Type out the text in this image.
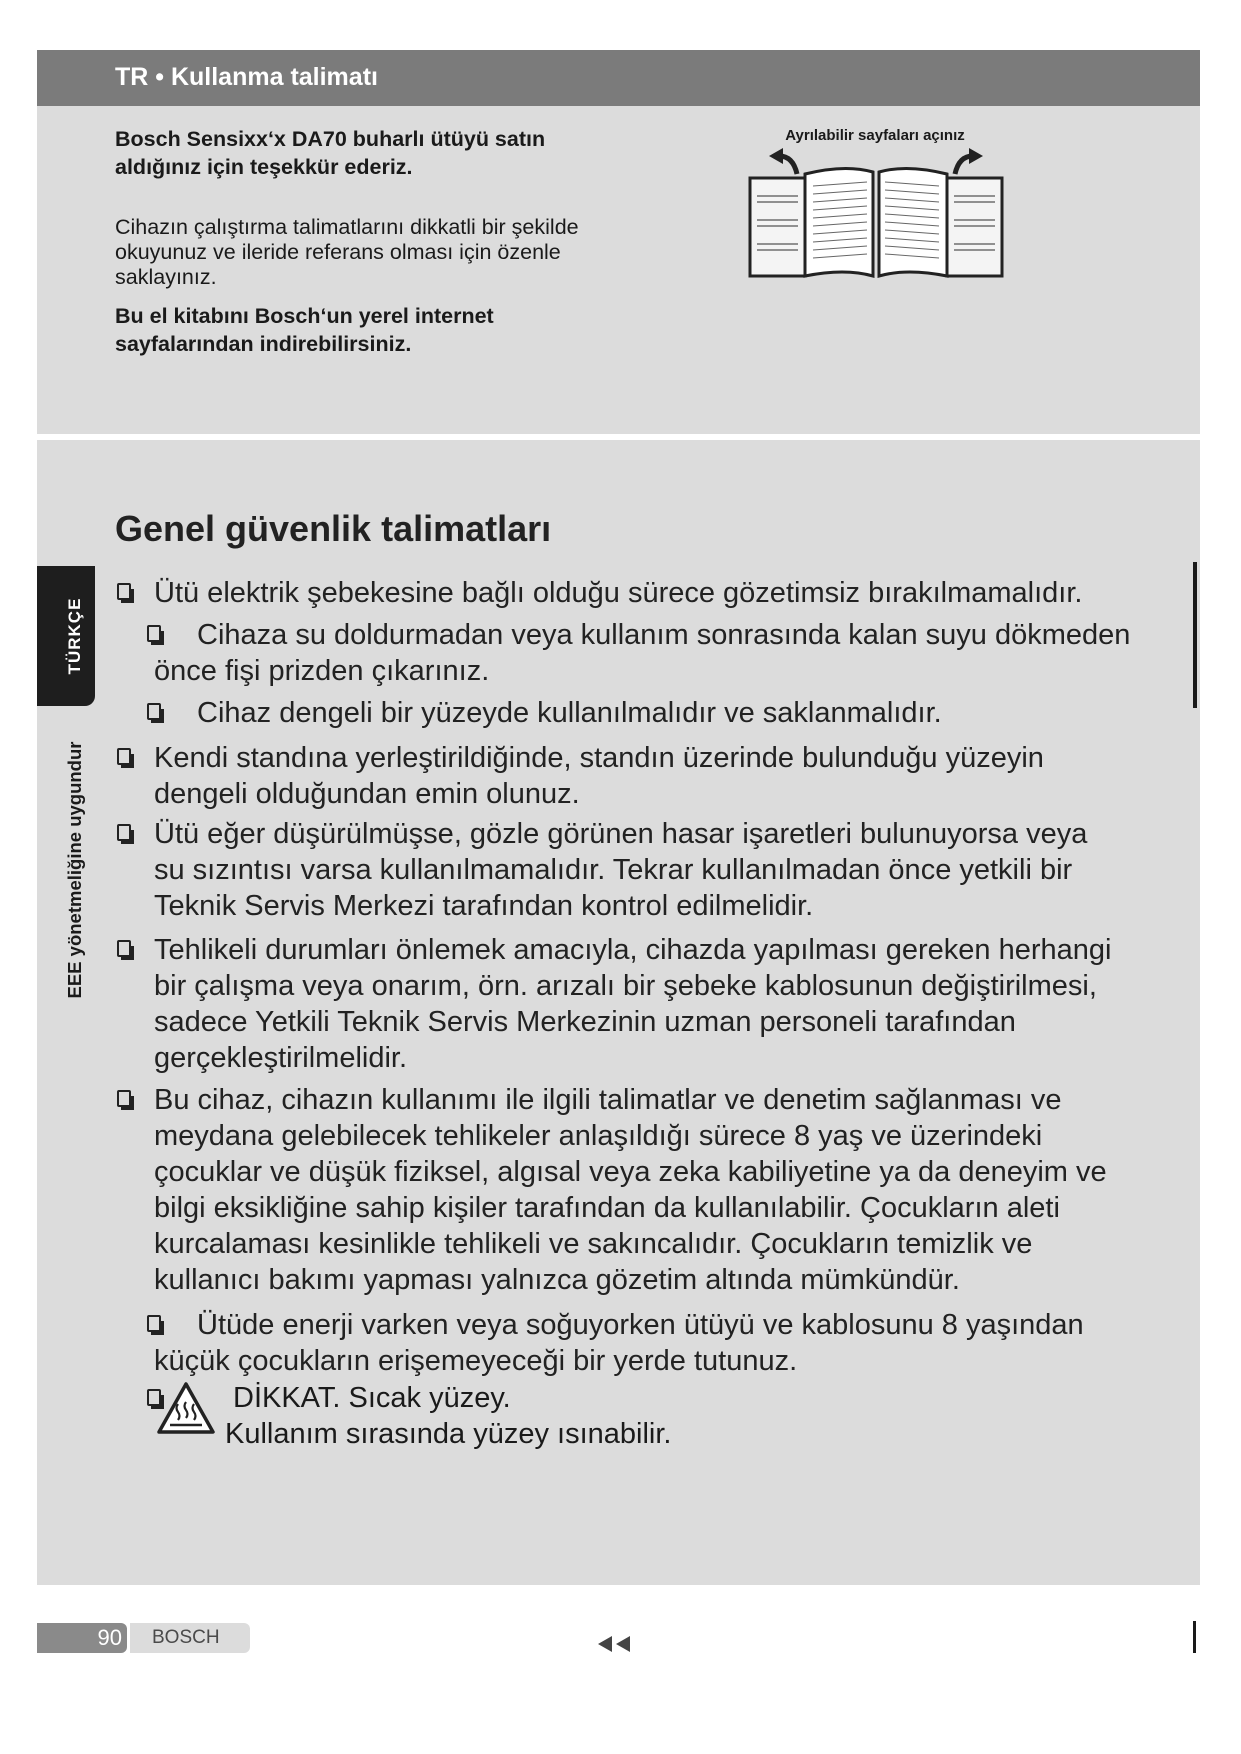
TR • Kullanma talimatı
Bosch Sensixx‘x DA70 buharlı ütüyü satın
aldığınız için teşekkür ederiz.
Cihazın çalıştırma talimatlarını dikkatli bir şekilde
okuyunuz ve ileride referans olması için özenle
saklayınız.
Bu el kitabını Bosch‘un yerel internet
sayfalarından indirebilirsiniz.
Ayrılabilir sayfaları açınız
TÜRKÇE
EEE yönetmeliğine uygundur
Genel güvenlik talimatları
Ütü elektrik şebekesine bağlı olduğu sürece gözetimsiz bırakılmamalıdır.
Cihaza su doldurmadan veya kullanım sonrasında kalan suyu dökmeden
önce fişi prizden çıkarınız.
Cihaz dengeli bir yüzeyde kullanılmalıdır ve saklanmalıdır.
Kendi standına yerleştirildiğinde, standın üzerinde bulunduğu yüzeyin
dengeli olduğundan emin olunuz.
Ütü eğer düşürülmüşse, gözle görünen hasar işaretleri bulunuyorsa veya
su sızıntısı varsa kullanılmamalıdır. Tekrar kullanılmadan önce yetkili bir
Teknik Servis Merkezi tarafından kontrol edilmelidir.
Tehlikeli durumları önlemek amacıyla, cihazda yapılması gereken herhangi
bir çalışma veya onarım, örn. arızalı bir şebeke kablosunun değiştirilmesi,
sadece Yetkili Teknik Servis Merkezinin uzman personeli tarafından
gerçekleştirilmelidir.
Bu cihaz, cihazın kullanımı ile ilgili talimatlar ve denetim sağlanması ve
meydana gelebilecek tehlikeler anlaşıldığı sürece 8 yaş ve üzerindeki
çocuklar ve düşük fiziksel, algısal veya zeka kabiliyetine ya da deneyim ve
bilgi eksikliğine sahip kişiler tarafından da kullanılabilir. Çocukların aleti
kurcalaması kesinlikle tehlikeli ve sakıncalıdır. Çocukların temizlik ve
kullanıcı bakımı yapması yalnızca gözetim altında mümkündür.
Ütüde enerji varken veya soğuyorken ütüyü ve kablosunu 8 yaşından
küçük çocukların erişemeyeceği bir yerde tutunuz.
DİKKAT. Sıcak yüzey.
Kullanım sırasında yüzey ısınabilir.
90 BOSCH
